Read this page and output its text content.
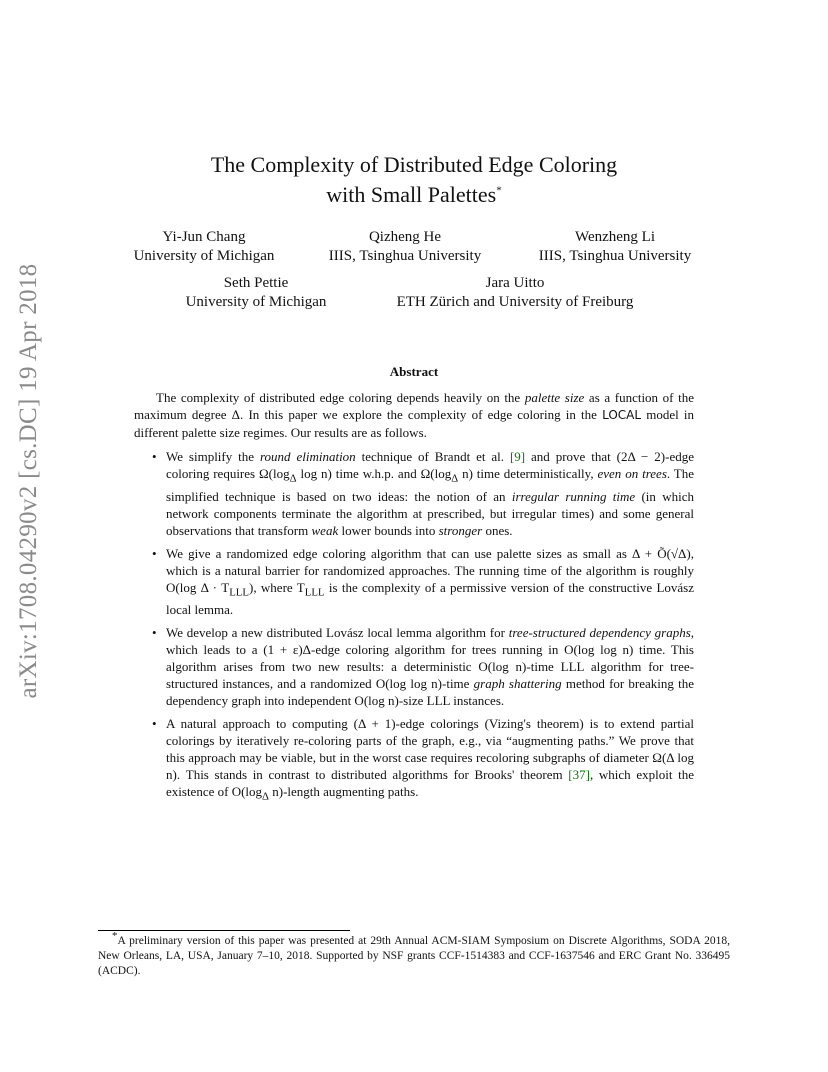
arXiv:1708.04290v2 [cs.DC] 19 Apr 2018
The Complexity of Distributed Edge Coloring
with Small Palettes*
Yi-Jun Chang
University of Michigan
Qizheng He
IIIS, Tsinghua University
Wenzheng Li
IIIS, Tsinghua University
Seth Pettie
University of Michigan
Jara Uitto
ETH Zürich and University of Freiburg
Abstract

The complexity of distributed edge coloring depends heavily on the palette size as a function of the maximum degree Δ. In this paper we explore the complexity of edge coloring in the LOCAL model in different palette size regimes. Our results are as follows.

• We simplify the round elimination technique of Brandt et al. [9] and prove that (2Δ − 2)-edge coloring requires $\Omega(\log_\Delta$ log n) time w.h.p. and $\Omega(\log_\Delta$ n) time deterministically, even on trees. The simplified technique is based on two ideas: the notion of an irregular running time (in which network components terminate the algorithm at prescribed, but irregular times) and some general observations that transform weak lower bounds into stronger ones.
• We give a randomized edge coloring algorithm that can use palette sizes as small as Δ + Õ(√Δ), which is a natural barrier for randomized approaches. The running time of the algorithm is roughly O(log $\Delta \cdot T_{LLL}$), where $T_{LLL}$ is the complexity of a permissive version of the constructive Lovász local lemma.
• We develop a new distributed Lovász local lemma algorithm for tree-structured dependency graphs, which leads to a (1 + ε)Δ-edge coloring algorithm for trees running in O(log log n) time. This algorithm arises from two new results: a deterministic O(log n)-time LLL algorithm for tree-structured instances, and a randomized O(log log n)-time graph shattering method for breaking the dependency graph into independent O(log n)-size LLL instances.
• A natural approach to computing (Δ + 1)-edge colorings (Vizing's theorem) is to extend partial colorings by iteratively re-coloring parts of the graph, e.g., via “augmenting paths.” We prove that this approach may be viable, but in the worst case requires recoloring subgraphs of diameter Ω(Δ log n). This stands in contrast to distributed algorithms for Brooks' theorem [37], which exploit the existence of $O(\log_\Delta$ n)-length augmenting paths.

*A preliminary version of this paper was presented at 29th Annual ACM-SIAM Symposium on Discrete Algorithms, SODA 2018, New Orleans, LA, USA, January 7–10, 2018. Supported by NSF grants CCF-1514383 and CCF-1637546 and ERC Grant No. 336495 (ACDC).
